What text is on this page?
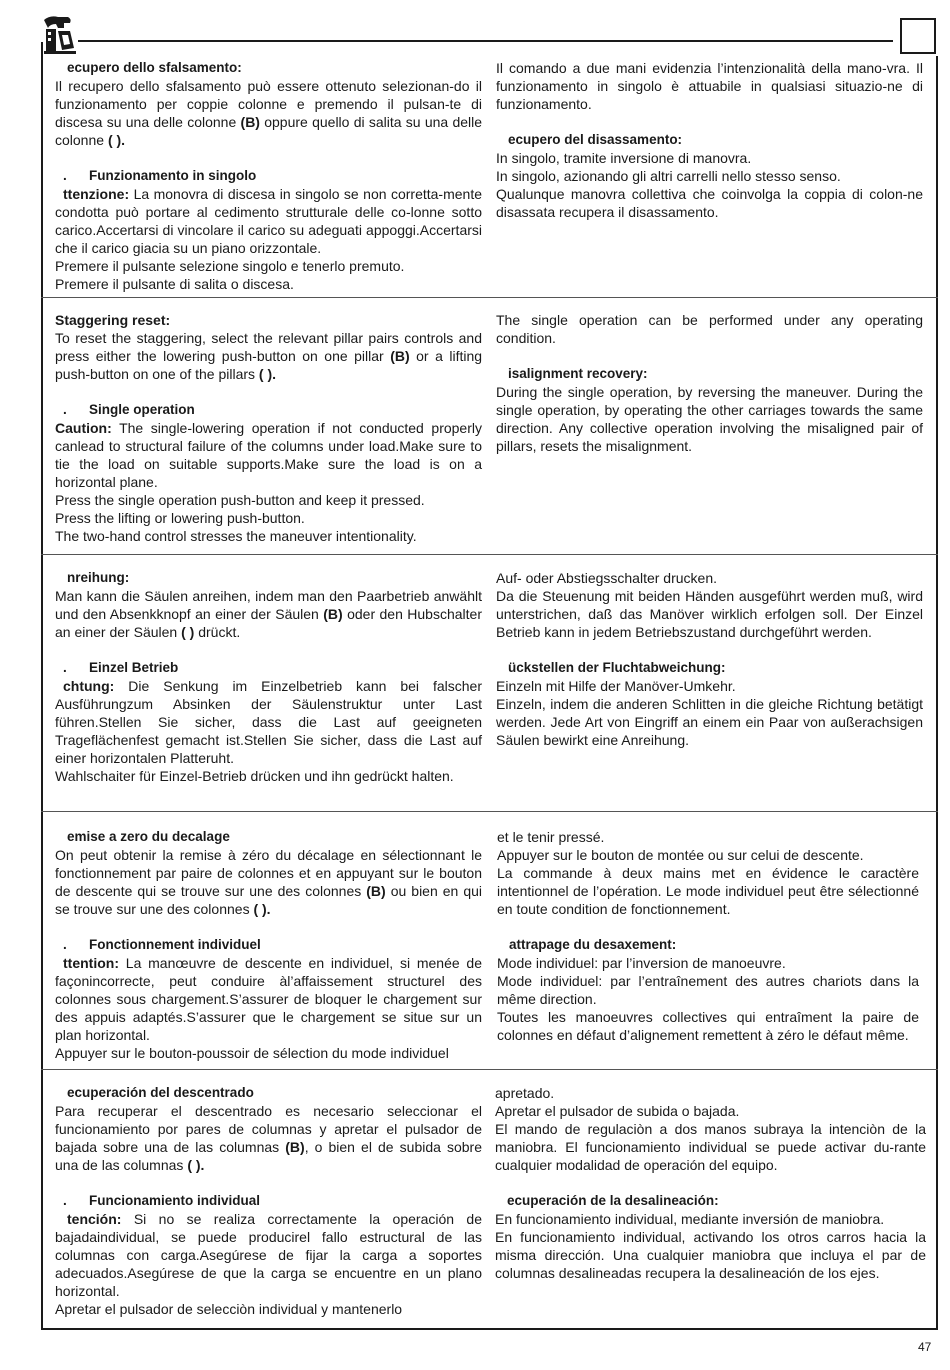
ecupero dello sfalsamento:

Il recupero dello sfalsamento può essere ottenuto selezionan-do il funzionamento per coppie colonne e premendo il pulsan-te di discesa su una delle colonne (B) oppure quello di salita su una delle colonne ( ).

. Funzionamento in singolo

ttenzione: La monovra di discesa in singolo se non corretta-mente condotta può portare al cedimento strutturale delle co-lonne sotto carico.Accertarsi di vincolare il carico su adeguati appoggi.Accertarsi che il carico giacia su un piano orizzontale.

Premere il pulsante selezione singolo e tenerlo premuto.

Premere il pulsante di salita o discesa.

Il comando a due mani evidenzia l’intenzionalità della mano-vra. Il funzionamento in singolo è attuabile in qualsiasi situazio-ne di funzionamento.

ecupero del disassamento:

In singolo, tramite inversione di manovra.

In singolo, azionando gli altri carrelli nello stesso senso.

Qualunque manovra collettiva che coinvolga la coppia di colon-ne disassata recupera il disassamento.

Staggering reset:

To reset the staggering, select the relevant pillar pairs controls and press either the lowering push-button on one pillar (B) or a lifting push-button on one of the pillars ( ).

. Single operation

Caution: The single-lowering operation if not conducted properly canlead to structural failure of the columns under load.Make sure to tie the load on suitable supports.Make sure the load is on a horizontal plane.

Press the single operation push-button and keep it pressed.

Press the lifting or lowering push-button.

The two-hand control stresses the maneuver intentionality.

The single operation can be performed under any operating condition.

isalignment recovery:

During the single operation, by reversing the maneuver. During the single operation, by operating the other carriages towards the same direction. Any collective operation involving the misaligned pair of pillars, resets the misalignment.

nreihung:

Man kann die Säulen anreihen, indem man den Paarbetrieb anwählt und den Absenkknopf an einer der Säulen (B) oder den Hubschalter an einer der Säulen ( ) drückt.

. Einzel Betrieb

chtung: Die Senkung im Einzelbetrieb kann bei falscher Ausführungzum Absinken der Säulenstruktur unter Last führen.Stellen Sie sicher, dass die Last auf geeigneten Trageflächenfest gemacht ist.Stellen Sie sicher, dass die Last auf einer horizontalen Platteruht.

Wahlschaiter für Einzel-Betrieb drücken und ihn gedrückt halten.

Auf- oder Abstiegsschalter drucken.

Da die Steuenung mit beiden Händen ausgeführt werden muß, wird unterstrichen, daß das Manöver wirklich erfolgen soll. Der Einzel Betrieb kann in jedem Betriebszustand durchgeführt werden.

ückstellen der Fluchtabweichung:

Einzeln mit Hilfe der Manöver-Umkehr.

Einzeln, indem die anderen Schlitten in die gleiche Richtung betätigt werden. Jede Art von Eingriff an einem ein Paar von außerachsigen Säulen bewirkt eine Anreihung.

emise a zero du decalage

On peut obtenir la remise à zéro du décalage en sélectionnant le fonctionnement par paire de colonnes et en appuyant sur le bouton de descente qui se trouve sur une des colonnes (B) ou bien en qui se trouve sur une des colonnes ( ).

. Fonctionnement individuel

ttention: La manœuvre de descente en individuel, si menée de façonincorrecte, peut conduire àl’affaissement structurel des colonnes sous chargement.S’assurer de bloquer le chargement sur des appuis adaptés.S’assurer que le chargement se situe sur un plan horizontal.

Appuyer sur le bouton-poussoir de sélection du mode individuel

et le tenir pressé.

Appuyer sur le bouton de montée ou sur celui de descente.

La commande à deux mains met en évidence le caractère intentionnel de l’opération. Le mode individuel peut être sélectionné en toute condition de fonctionnement.

attrapage du desaxement:

Mode individuel: par l’inversion de manoeuvre.

Mode individuel: par l’entraînement des autres chariots dans la même direction.

Toutes les manoeuvres collectives qui entraîment la paire de colonnes en défaut d’alignement remettent à zéro le défaut même.

ecuperación del descentrado

Para recuperar el descentrado es necesario seleccionar el funcionamiento por pares de columnas y apretar el pulsador de bajada sobre una de las columnas (B), o bien el de subida sobre una de las columnas ( ).

. Funcionamiento individual

tención: Si no se realiza correctamente la operación de bajadaindividual, se puede producirel fallo estructural de las columnas con carga.Asegúrese de fijar la carga a soportes adecuados.Asegúrese de que la carga se encuentre en un plano horizontal.

Apretar el pulsador de selecciòn individual y mantenerlo

apretado.

Apretar el pulsador de subida o bajada.

El mando de regulaciòn a dos manos subraya la intenciòn de la maniobra. El funcionamiento individual se puede activar du-rante cualquier modalidad de operación del equipo.

ecuperación de la desalineación:

En funcionamiento individual, mediante inversión de maniobra.

En funcionamiento individual, activando los otros carros hacia la misma dirección. Una cualquier maniobra que incluya el par de columnas desalineadas recupera la desalineación de los ejes.

47
